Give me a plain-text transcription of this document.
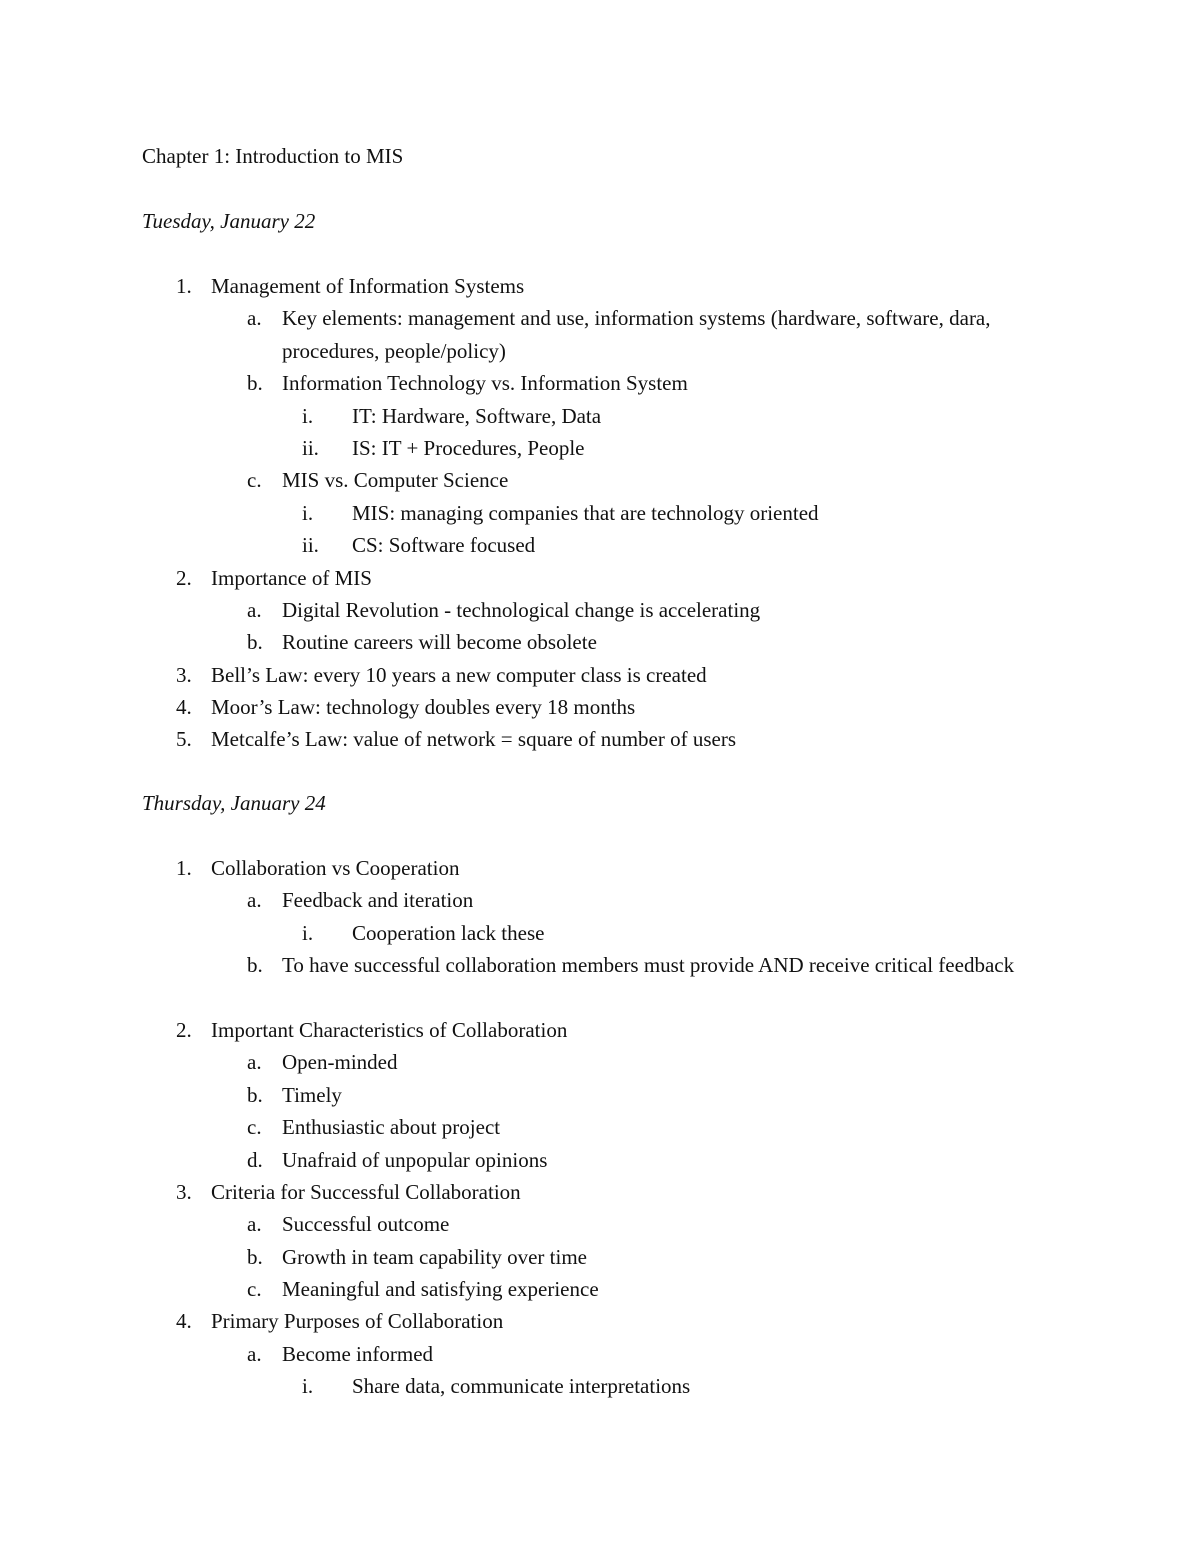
Chapter 1: Introduction to MIS
Tuesday, January 22
1. Management of Information Systems
a. Key elements: management and use, information systems (hardware, software, dara, procedures, people/policy)
b. Information Technology vs. Information System
i. IT: Hardware, Software, Data
ii. IS: IT + Procedures, People
c. MIS vs. Computer Science
i. MIS: managing companies that are technology oriented
ii. CS: Software focused
2. Importance of MIS
a. Digital Revolution - technological change is accelerating
b. Routine careers will become obsolete
3. Bell’s Law: every 10 years a new computer class is created
4. Moor’s Law: technology doubles every 18 months
5. Metcalfe’s Law: value of network = square of number of users
Thursday, January 24
1. Collaboration vs Cooperation
a. Feedback and iteration
i. Cooperation lack these
b. To have successful collaboration members must provide AND receive critical feedback
2. Important Characteristics of Collaboration
a. Open-minded
b. Timely
c. Enthusiastic about project
d. Unafraid of unpopular opinions
3. Criteria for Successful Collaboration
a. Successful outcome
b. Growth in team capability over time
c. Meaningful and satisfying experience
4. Primary Purposes of Collaboration
a. Become informed
i. Share data, communicate interpretations
